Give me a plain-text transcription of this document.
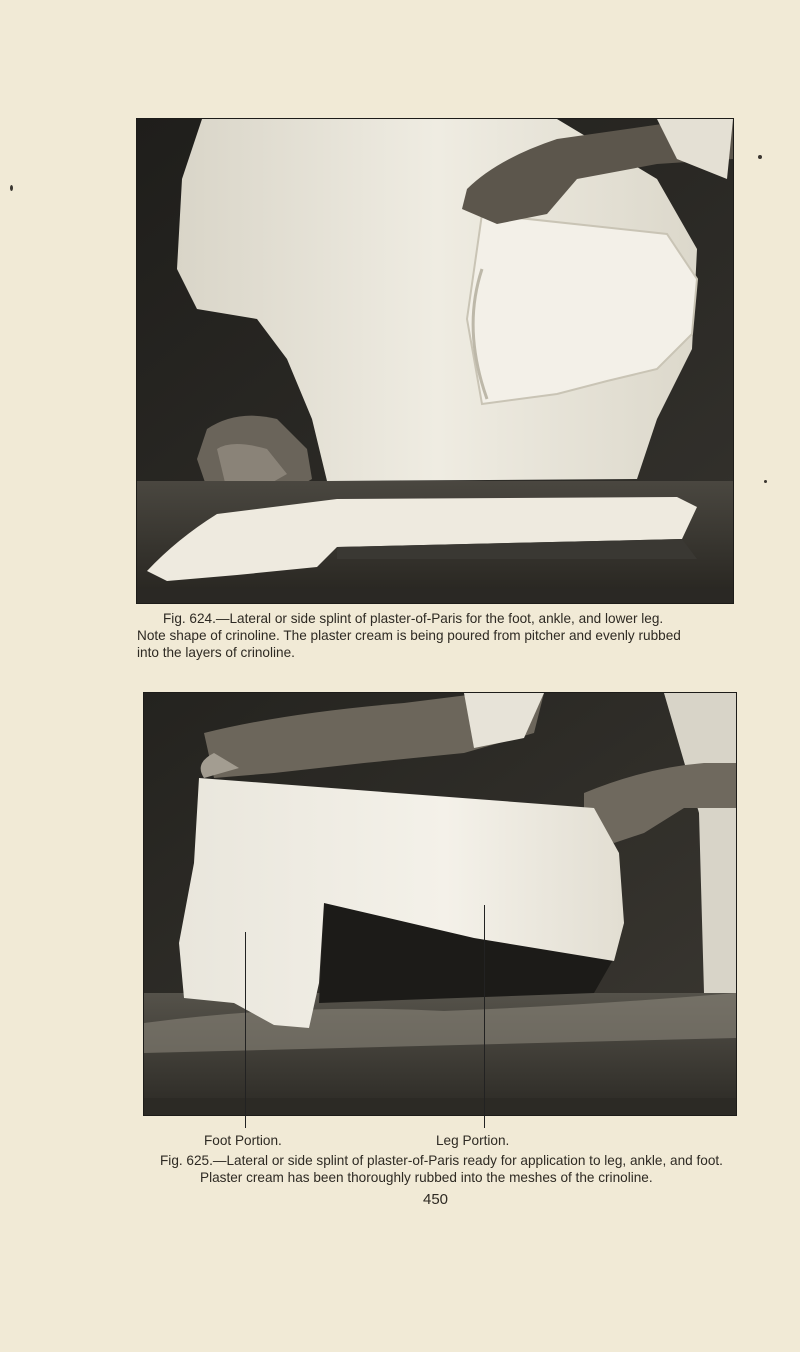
Fig. 624.—Lateral or side splint of plaster-of-Paris for the foot, ankle, and lower leg.
Note shape of crinoline. The plaster cream is being poured from pitcher and evenly rubbed
into the layers of crinoline.
Foot Portion.	Leg Portion.
Fig. 625.—Lateral or side splint of plaster-of-Paris ready for application to leg, ankle, and foot.
Plaster cream has been thoroughly rubbed into the meshes of the crinoline.
450
